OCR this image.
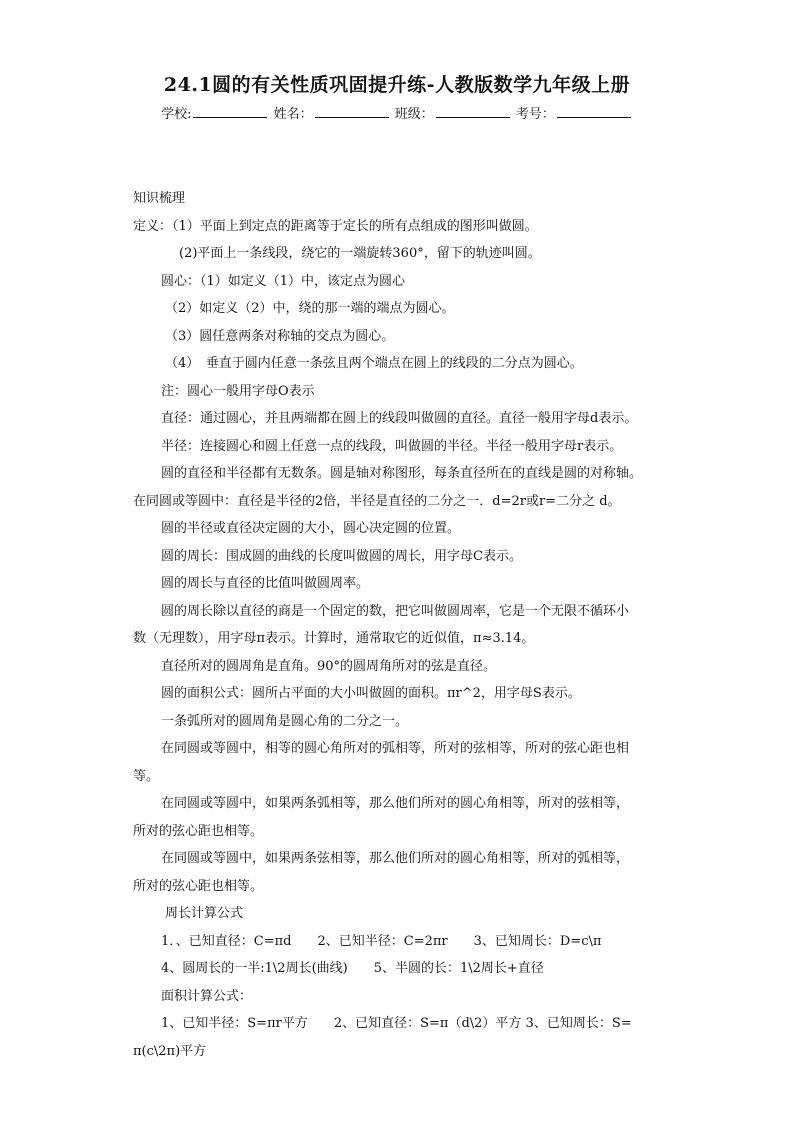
24.1圆的有关性质巩固提升练-人教版数学九年级上册
学校:	姓名：	班级：	考号：
知识梳理
定义：（1）平面上到定点的距离等于定长的所有点组成的图形叫做圆。
(2)平面上一条线段，绕它的一端旋转360°，留下的轨迹叫圆。
圆心：（1）如定义（1）中，该定点为圆心
（2）如定义（2）中，绕的那一端的端点为圆心。
（3）圆任意两条对称轴的交点为圆心。
（4）　垂直于圆内任意一条弦且两个端点在圆上的线段的二分点为圆心。
注：圆心一般用字母O表示
直径：通过圆心，并且两端都在圆上的线段叫做圆的直径。直径一般用字母d表示。
半径：连接圆心和圆上任意一点的线段，叫做圆的半径。半径一般用字母r表示。
圆的直径和半径都有无数条。圆是轴对称图形，每条直径所在的直线是圆的对称轴。
在同圆或等圆中：直径是半径的2倍，半径是直径的二分之一．d=2r或r=二分之 d。
圆的半径或直径决定圆的大小，圆心决定圆的位置。
圆的周长：围成圆的曲线的长度叫做圆的周长，用字母C表示。
圆的周长与直径的比值叫做圆周率。
圆的周长除以直径的商是一个固定的数，把它叫做圆周率，它是一个无限不循环小
数（无理数），用字母π表示。计算时，通常取它的近似值，π≈3.14。
直径所对的圆周角是直角。90°的圆周角所对的弦是直径。
圆的面积公式：圆所占平面的大小叫做圆的面积。πr^2，用字母S表示。
一条弧所对的圆周角是圆心角的二分之一。
在同圆或等圆中，相等的圆心角所对的弧相等，所对的弦相等，所对的弦心距也相
等。
在同圆或等圆中，如果两条弧相等，那么他们所对的圆心角相等，所对的弦相等，
所对的弦心距也相等。
在同圆或等圆中，如果两条弦相等，那么他们所对的圆心角相等，所对的弧相等，
所对的弦心距也相等。
周长计算公式
1．、已知直径：C=πd　　2、已知半径：C=2πr　　3、已知周长：D=c\π
4、圆周长的一半:1\2周长(曲线)　　5、半圆的长：1\2周长+直径
面积计算公式：
1、已知半径：S=πr平方　　2、已知直径：S=π（d\2）平方 3、已知周长：S=
π(c\2π)平方
